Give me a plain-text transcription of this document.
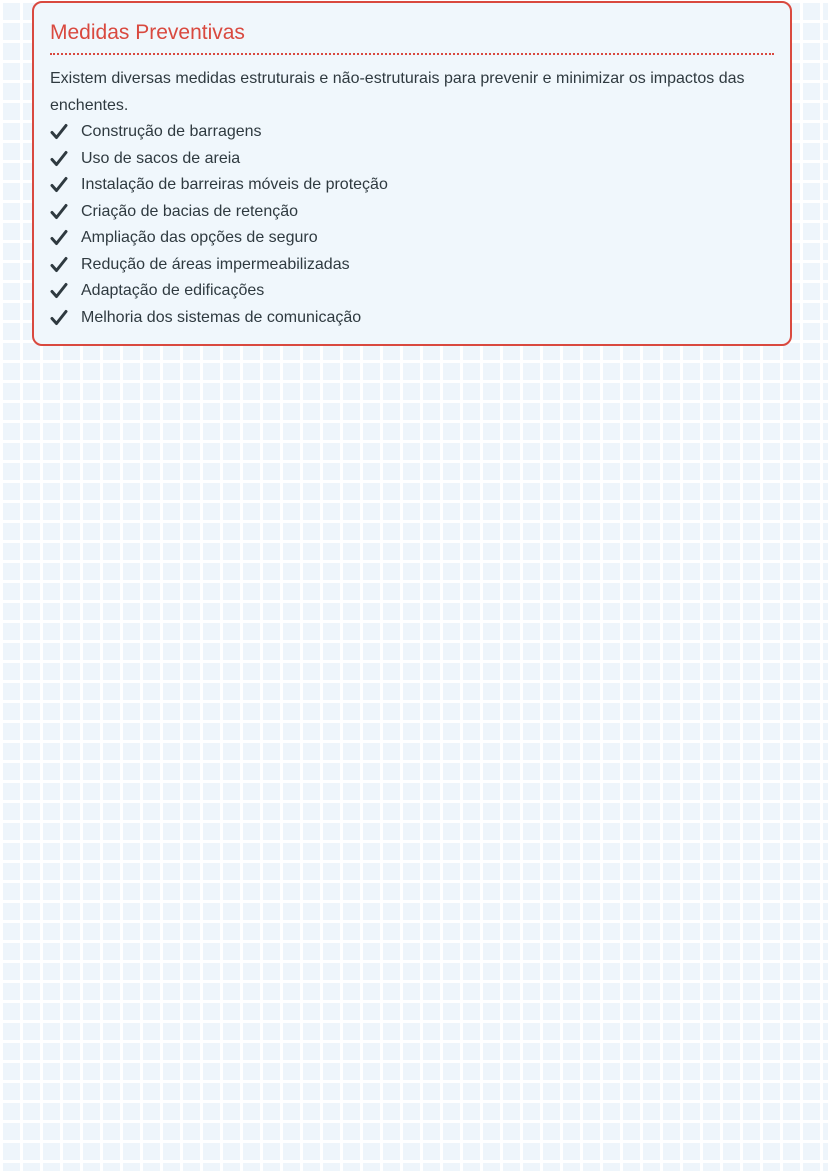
Medidas Preventivas

Existem diversas medidas estruturais e não-estruturais para prevenir e minimizar os impactos das enchentes.

Construção de barragens
Uso de sacos de areia
Instalação de barreiras móveis de proteção
Criação de bacias de retenção
Ampliação das opções de seguro
Redução de áreas impermeabilizadas
Adaptação de edificações
Melhoria dos sistemas de comunicação
